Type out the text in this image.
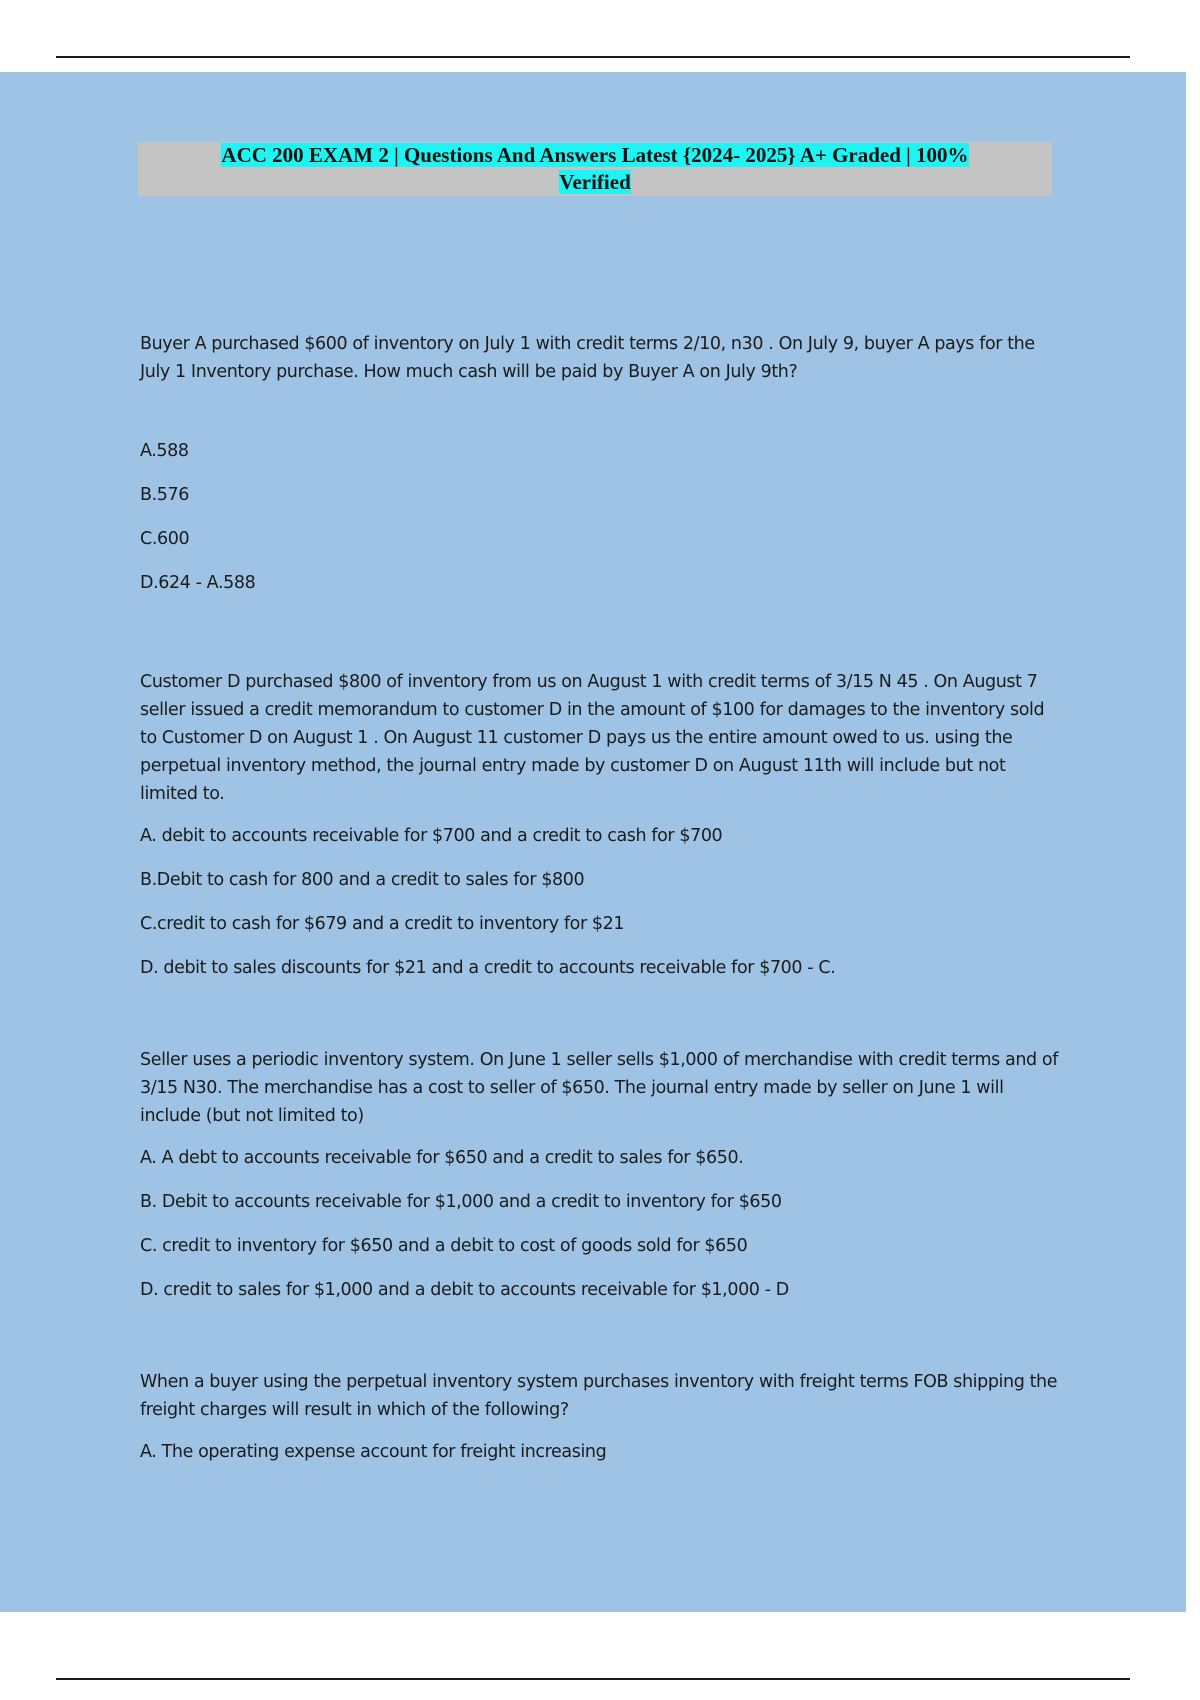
ACC 200 EXAM 2 | Questions And Answers Latest {2024- 2025} A+ Graded | 100%
Verified

Buyer A purchased $600 of inventory on July 1 with credit terms 2/10, n30 . On July 9, buyer A pays for the July 1 Inventory purchase. How much cash will be paid by Buyer A on July 9th?

A.588

B.576

C.600

D.624 - A.588

Customer D purchased $800 of inventory from us on August 1 with credit terms of 3/15 N 45 . On August 7 seller issued a credit memorandum to customer D in the amount of $100 for damages to the inventory sold to Customer D on August 1 . On August 11 customer D pays us the entire amount owed to us. using the perpetual inventory method, the journal entry made by customer D on August 11th will include but not limited to.

A. debit to accounts receivable for $700 and a credit to cash for $700

B.Debit to cash for 800 and a credit to sales for $800

C.credit to cash for $679 and a credit to inventory for $21

D. debit to sales discounts for $21 and a credit to accounts receivable for $700 - C.

Seller uses a periodic inventory system. On June 1 seller sells $1,000 of merchandise with credit terms and of 3/15 N30. The merchandise has a cost to seller of $650. The journal entry made by seller on June 1 will include (but not limited to)

A. A debt to accounts receivable for $650 and a credit to sales for $650.

B. Debit to accounts receivable for $1,000 and a credit to inventory for $650

C. credit to inventory for $650 and a debit to cost of goods sold for $650

D. credit to sales for $1,000 and a debit to accounts receivable for $1,000 - D

When a buyer using the perpetual inventory system purchases inventory with freight terms FOB shipping the freight charges will result in which of the following?

A. The operating expense account for freight increasing
